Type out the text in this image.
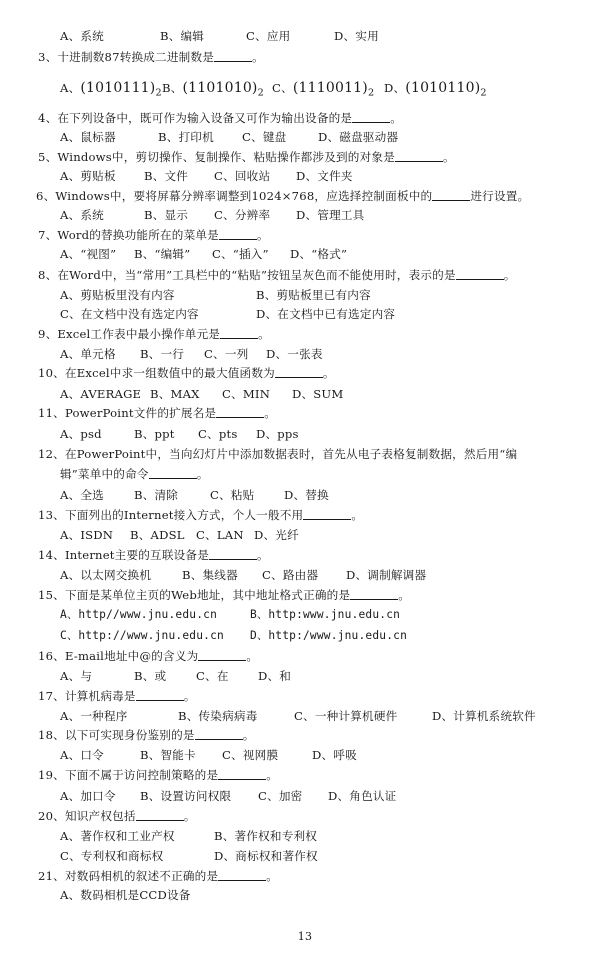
A、系统	B、编辑	C、应用	D、实用
3、十进制数87转换成二进制数是	。
A、$(1010111)_2$ B、$(1101010)_2$ C、$(1110011)_2$ D、$(1010110)_2$
4、在下列设备中，既可作为输入设备又可作为输出设备的是	。
A、鼠标器	B、打印机 C、键盘	D、磁盘驱动器
5、Windows中，剪切操作、复制操作、粘贴操作都涉及到的对象是	。
A、剪贴板 B、文件 C、回收站 D、文件夹
6、Windows中，要将屏幕分辨率调整到1024×768，应选择控制面板中的	进行设置。
A、系统	B、显示 C、分辨率 D、管理工具
7、Word的替换功能所在的菜单是	。
A、“视图” B、“编辑” C、“插入” D、“格式”
8、在Word中，当“常用”工具栏中的“粘贴”按钮呈灰色而不能使用时，表示的是	。
A、剪贴板里没有内容	B、剪贴板里已有内容
C、在文档中没有选定内容	D、在文档中已有选定内容
9、Excel工作表中最小操作单元是	。
A、单元格 B、一行 C、一列 D、一张表
10、在Excel中求一组数值中的最大值函数为	。
A、AVERAGE B、MAX C、MIN D、SUM
11、PowerPoint文件的扩展名是	。
A、psd	B、ppt C、pts D、pps
12、在PowerPoint中，当向幻灯片中添加数据表时，首先从电子表格复制数据，然后用“编
辑”菜单中的命令	。
A、全选	B、清除	C、粘贴	D、替换
13、下面列出的Internet接入方式，个人一般不用	。
A、ISDN B、ADSL C、LAN D、光纤
14、Internet主要的互联设备是	。
A、以太网交换机	B、集线器 C、路由器 D、调制解调器
15、下面是某单位主页的Web地址，其中地址格式正确的是	。
A、http//www.jnu.edu.cn	B、http:www.jnu.edu.cn
C、http://www.jnu.edu.cn D、http:/www.jnu.edu.cn
16、E-mail地址中@的含义为	。
A、与	B、或	C、在	D、和
17、计算机病毒是	。
A、一种程序	B、传染病病毒	C、一种计算机硬件	D、计算机系统软件
18、以下可实现身份鉴别的是	。
A、口令	B、智能卡 C、视网膜	D、呼吸
19、下面不属于访问控制策略的是	。
A、加口令 B、设置访问权限 C、加密 D、角色认证
20、知识产权包括	。
A、著作权和工业产权	B、著作权和专利权
C、专利权和商标权	D、商标权和著作权
21、对数码相机的叙述不正确的是	。
A、数码相机是CCD设备
13
